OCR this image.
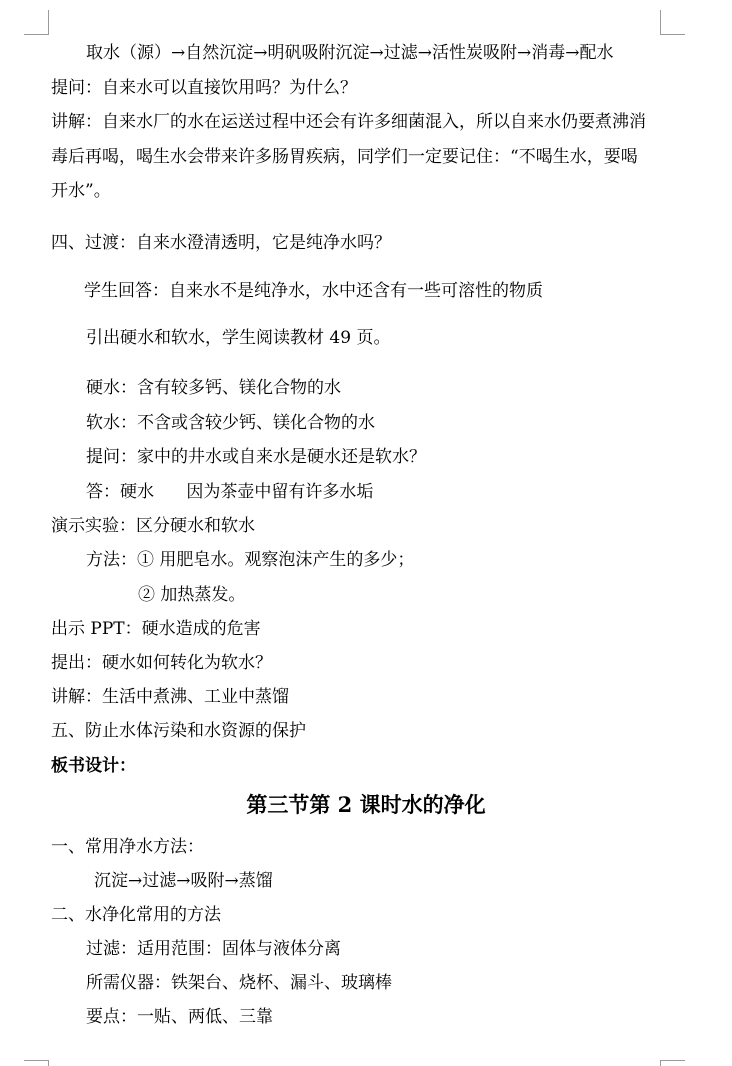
取水（源）→自然沉淀→明矾吸附沉淀→过滤→活性炭吸附→消毒→配水
提问：自来水可以直接饮用吗？为什么？
讲解：自来水厂的水在运送过程中还会有许多细菌混入，所以自来水仍要煮沸消
毒后再喝，喝生水会带来许多肠胃疾病，同学们一定要记住：“不喝生水，要喝
开水”。
四、过渡：自来水澄清透明，它是纯净水吗？
学生回答：自来水不是纯净水，水中还含有一些可溶性的物质
引出硬水和软水，学生阅读教材 49 页。
硬水：含有较多钙、镁化合物的水
软水：不含或含较少钙、镁化合物的水
提问：家中的井水或自来水是硬水还是软水？
答：硬水      因为茶壶中留有许多水垢
演示实验：区分硬水和软水
方法：① 用肥皂水。观察泡沫产生的多少；
② 加热蒸发。
出示 PPT：硬水造成的危害
提出：硬水如何转化为软水？
讲解：生活中煮沸、工业中蒸馏
五、防止水体污染和水资源的保护
板书设计：
第三节第 2 课时水的净化
一、常用净水方法：
沉淀→过滤→吸附→蒸馏
二、水净化常用的方法
过滤：适用范围：固体与液体分离
所需仪器：铁架台、烧杯、漏斗、玻璃棒
要点：一贴、两低、三靠
